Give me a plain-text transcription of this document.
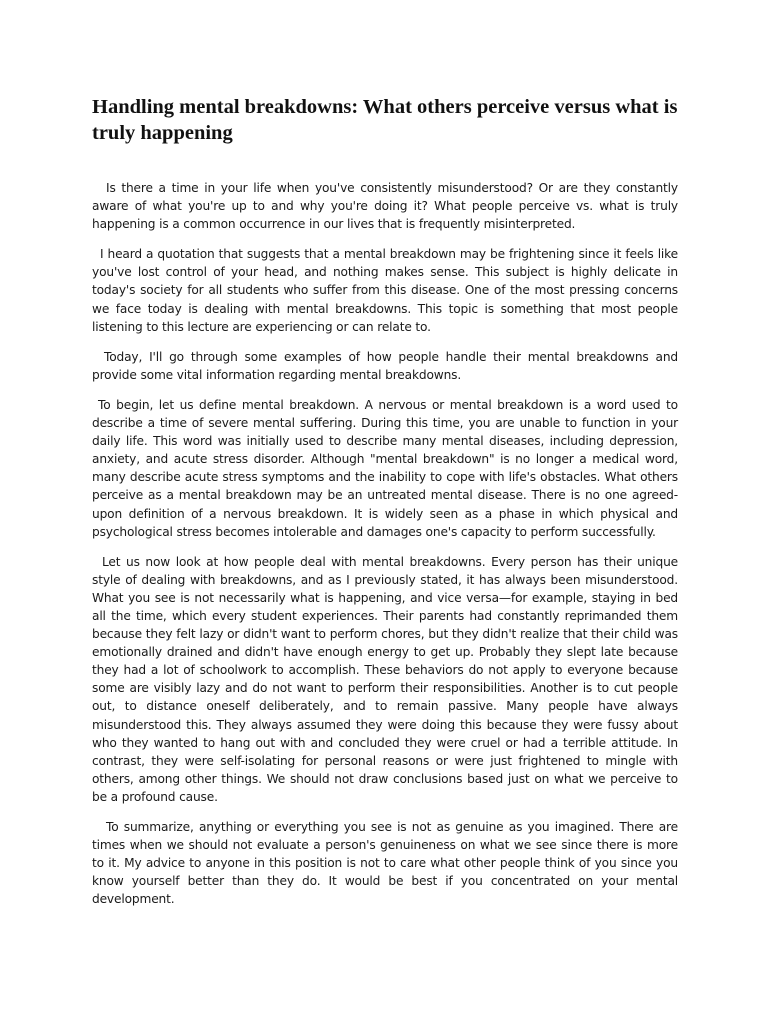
Handling mental breakdowns: What others perceive versus what is truly happening

Is there a time in your life when you've consistently misunderstood? Or are they constantly aware of what you're up to and why you're doing it? What people perceive vs. what is truly happening is a common occurrence in our lives that is frequently misinterpreted.

I heard a quotation that suggests that a mental breakdown may be frightening since it feels like you've lost control of your head, and nothing makes sense. This subject is highly delicate in today's society for all students who suffer from this disease. One of the most pressing concerns we face today is dealing with mental breakdowns. This topic is something that most people listening to this lecture are experiencing or can relate to.

Today, I'll go through some examples of how people handle their mental breakdowns and provide some vital information regarding mental breakdowns.

To begin, let us define mental breakdown. A nervous or mental breakdown is a word used to describe a time of severe mental suffering. During this time, you are unable to function in your daily life. This word was initially used to describe many mental diseases, including depression, anxiety, and acute stress disorder. Although "mental breakdown" is no longer a medical word, many describe acute stress symptoms and the inability to cope with life's obstacles. What others perceive as a mental breakdown may be an untreated mental disease. There is no one agreed-upon definition of a nervous breakdown. It is widely seen as a phase in which physical and psychological stress becomes intolerable and damages one's capacity to perform successfully.

Let us now look at how people deal with mental breakdowns. Every person has their unique style of dealing with breakdowns, and as I previously stated, it has always been misunderstood. What you see is not necessarily what is happening, and vice versa—for example, staying in bed all the time, which every student experiences. Their parents had constantly reprimanded them because they felt lazy or didn't want to perform chores, but they didn't realize that their child was emotionally drained and didn't have enough energy to get up. Probably they slept late because they had a lot of schoolwork to accomplish. These behaviors do not apply to everyone because some are visibly lazy and do not want to perform their responsibilities. Another is to cut people out, to distance oneself deliberately, and to remain passive. Many people have always misunderstood this. They always assumed they were doing this because they were fussy about who they wanted to hang out with and concluded they were cruel or had a terrible attitude. In contrast, they were self-isolating for personal reasons or were just frightened to mingle with others, among other things. We should not draw conclusions based just on what we perceive to be a profound cause.

To summarize, anything or everything you see is not as genuine as you imagined. There are times when we should not evaluate a person's genuineness on what we see since there is more to it. My advice to anyone in this position is not to care what other people think of you since you know yourself better than they do. It would be best if you concentrated on your mental development.
